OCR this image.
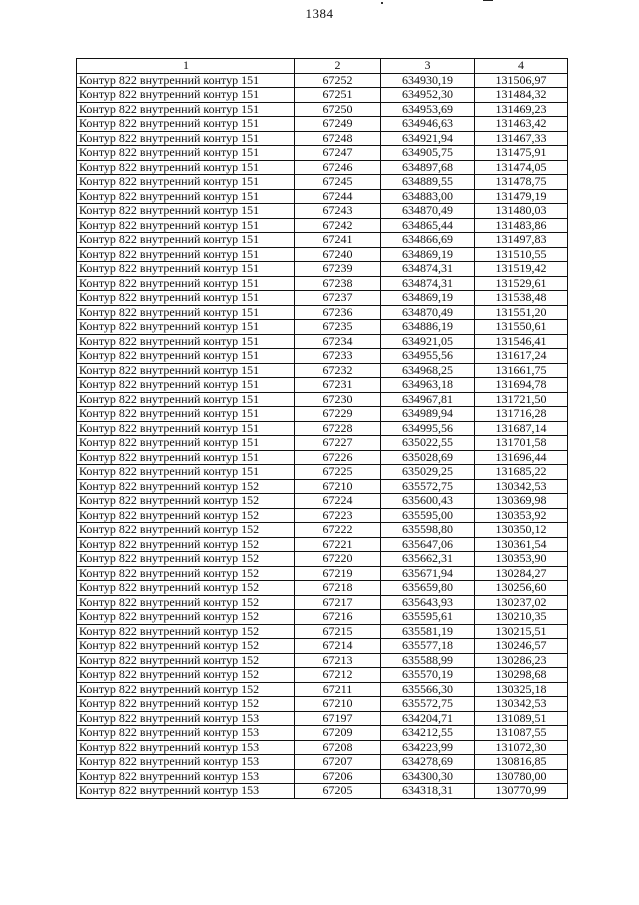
1384
1	2	3	4
Контур 822 внутренний контур 151	67252	634930,19	131506,97
Контур 822 внутренний контур 151	67251	634952,30	131484,32
Контур 822 внутренний контур 151	67250	634953,69	131469,23
Контур 822 внутренний контур 151	67249	634946,63	131463,42
Контур 822 внутренний контур 151	67248	634921,94	131467,33
Контур 822 внутренний контур 151	67247	634905,75	131475,91
Контур 822 внутренний контур 151	67246	634897,68	131474,05
Контур 822 внутренний контур 151	67245	634889,55	131478,75
Контур 822 внутренний контур 151	67244	634883,00	131479,19
Контур 822 внутренний контур 151	67243	634870,49	131480,03
Контур 822 внутренний контур 151	67242	634865,44	131483,86
Контур 822 внутренний контур 151	67241	634866,69	131497,83
Контур 822 внутренний контур 151	67240	634869,19	131510,55
Контур 822 внутренний контур 151	67239	634874,31	131519,42
Контур 822 внутренний контур 151	67238	634874,31	131529,61
Контур 822 внутренний контур 151	67237	634869,19	131538,48
Контур 822 внутренний контур 151	67236	634870,49	131551,20
Контур 822 внутренний контур 151	67235	634886,19	131550,61
Контур 822 внутренний контур 151	67234	634921,05	131546,41
Контур 822 внутренний контур 151	67233	634955,56	131617,24
Контур 822 внутренний контур 151	67232	634968,25	131661,75
Контур 822 внутренний контур 151	67231	634963,18	131694,78
Контур 822 внутренний контур 151	67230	634967,81	131721,50
Контур 822 внутренний контур 151	67229	634989,94	131716,28
Контур 822 внутренний контур 151	67228	634995,56	131687,14
Контур 822 внутренний контур 151	67227	635022,55	131701,58
Контур 822 внутренний контур 151	67226	635028,69	131696,44
Контур 822 внутренний контур 151	67225	635029,25	131685,22
Контур 822 внутренний контур 152	67210	635572,75	130342,53
Контур 822 внутренний контур 152	67224	635600,43	130369,98
Контур 822 внутренний контур 152	67223	635595,00	130353,92
Контур 822 внутренний контур 152	67222	635598,80	130350,12
Контур 822 внутренний контур 152	67221	635647,06	130361,54
Контур 822 внутренний контур 152	67220	635662,31	130353,90
Контур 822 внутренний контур 152	67219	635671,94	130284,27
Контур 822 внутренний контур 152	67218	635659,80	130256,60
Контур 822 внутренний контур 152	67217	635643,93	130237,02
Контур 822 внутренний контур 152	67216	635595,61	130210,35
Контур 822 внутренний контур 152	67215	635581,19	130215,51
Контур 822 внутренний контур 152	67214	635577,18	130246,57
Контур 822 внутренний контур 152	67213	635588,99	130286,23
Контур 822 внутренний контур 152	67212	635570,19	130298,68
Контур 822 внутренний контур 152	67211	635566,30	130325,18
Контур 822 внутренний контур 152	67210	635572,75	130342,53
Контур 822 внутренний контур 153	67197	634204,71	131089,51
Контур 822 внутренний контур 153	67209	634212,55	131087,55
Контур 822 внутренний контур 153	67208	634223,99	131072,30
Контур 822 внутренний контур 153	67207	634278,69	130816,85
Контур 822 внутренний контур 153	67206	634300,30	130780,00
Контур 822 внутренний контур 153	67205	634318,31	130770,99
